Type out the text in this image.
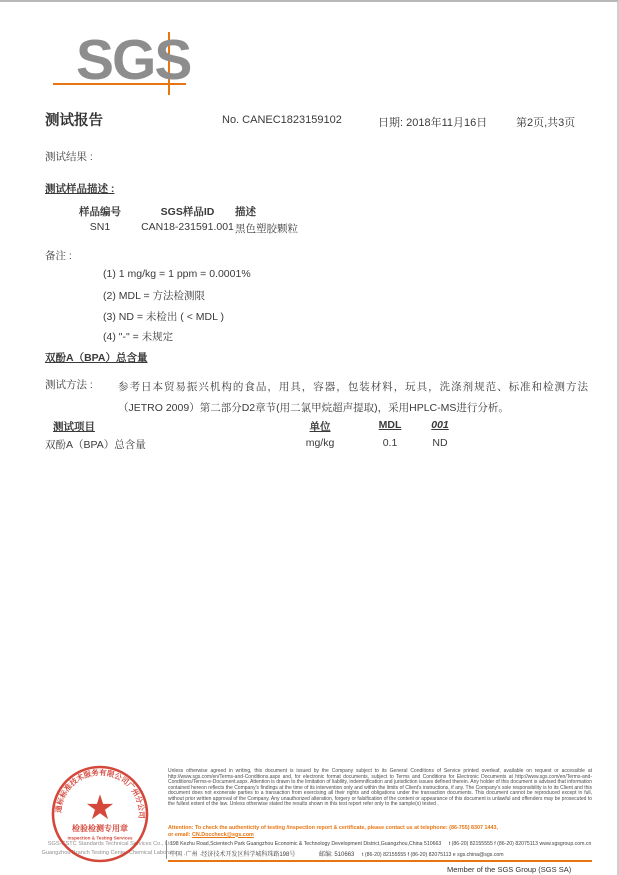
SGS
测试报告	No. CANEC1823159102	日期: 2018年11月16日	第2页,共3页
测试结果 :
测试样品描述 :
样品编号	SGS样品ID	描述
SN1	CAN18-231591.001 黑色塑胶颗粒
备注 :
(1) 1 mg/kg = 1 ppm = 0.0001%
(2) MDL = 方法检测限
(3) ND = 未检出 ( < MDL )
(4) "-" = 未规定
双酚A（BPA）总含量
测试方法 : 参考日本贸易振兴机构的食品，用具，容器，包装材料，玩具，洗涤剂规范、标准和检测方法（JETRO 2009）第二部分D2章节(用二氯甲烷超声提取)，采用HPLC-MS进行分析。
测试项目	单位	MDL	001
双酚A（BPA）总含量	mg/kg	0.1	ND
SGS-CSTC Standards Technical Services Co., Ltd.
Guangzhou Branch Testing Center Chemical Laboratory
通标标准技术服务有限公司广州分公司
★
检验检测专用章
Inspection & Testing Services
Unless otherwise agreed in writing, this document is issued by the Company subject to its General Conditions of Service printed overleaf, available on request or accessible at http://www.sgs.com/en/Terms-and-Conditions.aspx and, for electronic format documents, subject to Terms and Conditions for Electronic Documents at http://www.sgs.com/en/Terms-and-Conditions/Terms-e-Document.aspx. Attention is drawn to the limitation of liability, indemnification and jurisdiction issues defined therein. Any holder of this document is advised that information contained hereon reflects the Company's findings at the time of its intervention only and within the limits of Client's instructions, if any. The Company's sole responsibility is to its Client and this document does not exonerate parties to a transaction from exercising all their rights and obligations under the transaction documents. This document cannot be reproduced except in full, without prior written approval of the Company. Any unauthorized alteration, forgery or falsification of the content or appearance of this document is unlawful and offenders may be prosecuted to the fullest extent of the law. Unless otherwise stated the results shown in this test report refer only to the sample(s) tested .
Attention: To check the authenticity of testing /inspection report & certificate, please contact us at telephone: (86-755) 8307 1443,
or email: CN.Doccheck@sgs.com
198 Kezhu Road,Scientech Park Guangzhou Economic & Technology Development District,Guangzhou,China 510663 t (86-20) 82155555 f (86-20) 82075113 www.sgsgroup.com.cn
中国 ·广州 ·经济技术开发区科学城科珠路198号	邮编: 510663 t (86-20) 82155555 f (86-20) 82075113 e sgs.china@sgs.com
Member of the SGS Group (SGS SA)
